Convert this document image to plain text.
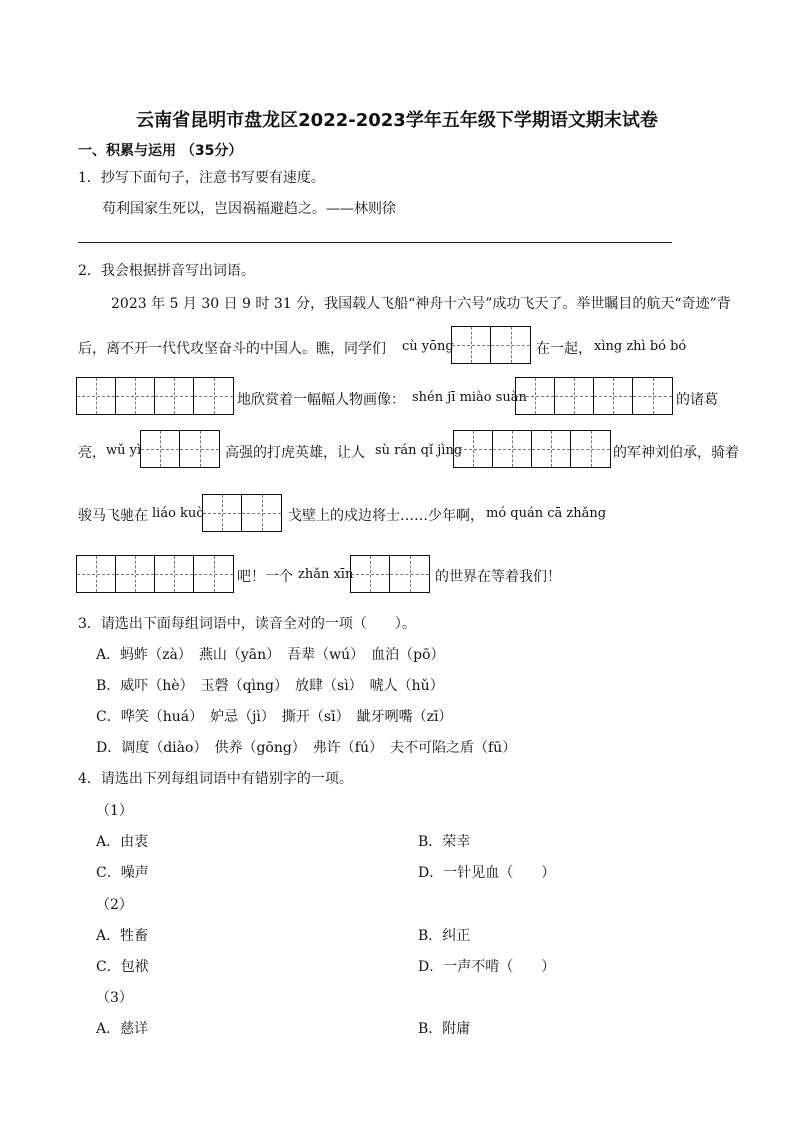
云南省昆明市盘龙区2022-2023学年五年级下学期语文期末试卷
一、积累与运用 （35分）
1．抄写下面句子，注意书写要有速度。
苟利国家生死以，岂因祸福避趋之。——林则徐
2．我会根据拼音写出词语。
2023 年 5 月 30 日 9 时 31 分，我国载人飞船“神舟十六号”成功飞天了。举世瞩目的航天“奇迹”背
后，离不开一代代攻坚奋斗的中国人。瞧，同学们 cù yōng	在一起， xìng zhì bó bó
地欣赏着一幅幅人物画像： shén jī miào suàn	的诸葛
亮， wǔ yì	高强的打虎英雄，让人 sù rán qǐ jìng	的军神刘伯承，骑着
骏马飞驰在 liáo kuò	戈壁上的戍边将士……少年啊， mó quán cā zhǎng
吧！一个 zhǎn xīn	的世界在等着我们！
3．请选出下面每组词语中，读音全对的一项（　　）。
A．蚂蚱（zà）　燕山（yān）　吾辈（wú）　血泊（pō）
B．威吓（hè）　玉磬（qìng）　放肆（sì）　唬人（hǔ）
C．哗笑（huá）　妒忌（jì）　撕开（sī）　龇牙咧嘴（zī）
D．调度（diào）　供养（gōng）　弗许（fú）　夫不可陷之盾（fū）
4．请选出下列每组词语中有错别字的一项。
（1）
A．由衷	B．荣幸
C．噪声	D．一针见血（　　）
（2）
A．牲畜	B．纠正
C．包袱	D．一声不啃（　　）
（3）
A．慈详	B．附庸
